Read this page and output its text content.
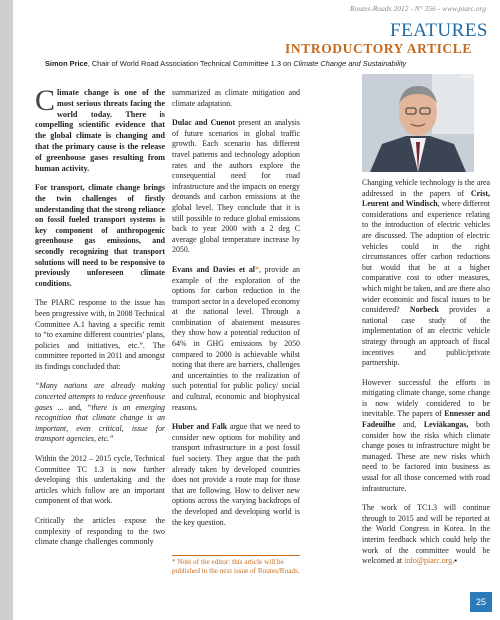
Routes-Roads 2012 - N° 356 - www.piarc.org
FEATURES
INTRODUCTORY ARTICLE
Simon Price, Chair of World Road Association Technical Committee 1.3 on Climate Change and Sustainability

Climate change is one of the most serious threats facing the world today. There is compelling scientific evidence that the global climate is changing and that the primary cause is the release of greenhouse gases resulting from human activity.

For transport, climate change brings the twin challenges of firstly understanding that the strong reliance on fossil fueled transport systems is key component of anthropogenic greenhouse gas emissions, and secondly recognizing that transport solutions will need to be responsive to previously unforeseen climate conditions.

The PIARC response to the issue has been progressive with, in 2008 Technical Committee A.1 having a specific remit to “to examine different countries’ plans, policies and initiatives, etc.”. The committee reported in 2011 and amongst its findings concluded that:

“Many nations are already making concerted attempts to reduce greenhouse gases ... and, “there is an emerging recognition that climate change is an important, even critical, issue for transport agencies, etc.”

Within the 2012 – 2015 cycle, Technical Committee TC 1.3 is now further developing this undertaking and the articles which follow are an important component of that work.

Critically the articles expose the complexity of responding to the two climate change challenges commonly

summarized as climate mitigation and climate adaptation.

Dulac and Cuenot present an analysis of future scenarios in global traffic growth. Each scenario has different travel patterns and technology adoption rates and the authors explore the consequential need for road infrastructure and the impacts on energy demands and carbon emissions at the global level. They conclude that it is still possible to reduce global emissions back to year 2000 with a 2 deg C average global temperature increase by 2050.

Evans and Davies et al*, provide an example of the exploration of the options for carbon reduction in the transport sector in a developed economy at the national level. Through a combination of abatement measures they show how a potential reduction of 64% in GHG emissions by 2050 compared to 2000 is achievable whilst noting that there are barriers, challenges and uncertainties to the realization of such potential for public policy/ social and cultural, economic and biophysical reasons.

Huber and Falk argue that we need to consider new options for mobility and transport infrastructure in a post fossil fuel society. They argue that the path already taken by developed countries does not provide a route map for those that are following. How to deliver new options across the varying backdrops of the developed and developing world is the key question.

* Note of the editor: this article will be published in the next issue of Routes/Roads.
PIARC

Changing vehicle technology is the area addressed in the papers of Crist, Leurent and Windisch, where different considerations and experience relating to the introduction of electric vehicles are discussed. The adoption of electric vehicles could in the right circumstances offer carbon reductions but would that be at a higher comparative cost to other measures, which might be taken, and are there also wider economic and fiscal issues to be considered? Norbeck provides a national case study of the implementation of an electric vehicle strategy through an approach of fiscal incentives and public/private partnership.

However successful the efforts in mitigating climate change, some change is now widely considered to be inevitable. The papers of Ennesser and Fadeuilhe and, Leviäkangas, both consider how the risks which climate change poses to infrastructure might be managed. These are new risks which need to be factored into business as usual for all those concerned with road infrastructure.

The work of TC1.3 will continue through to 2015 and will be reported at the World Congress in Korea. In the interim feedback which could help the work of the committee would be welcomed at info@piarc.org.▪

25
